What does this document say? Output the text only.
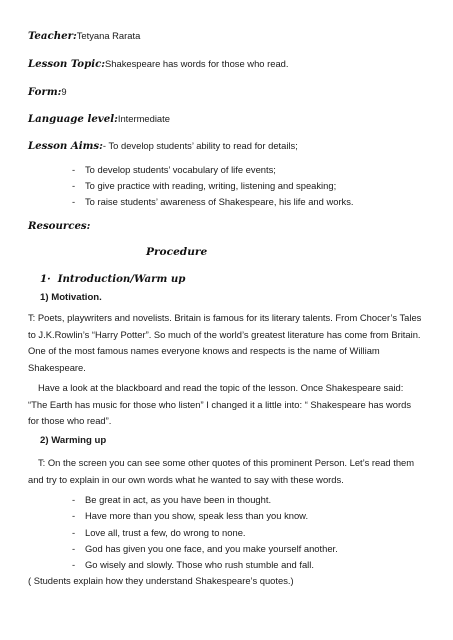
Teacher:Tetyana Rarata
Lesson Topic:Shakespeare has words for those who read.
Form:9
Language level:Intermediate
Lesson Aims:- To develop students’ ability to read for details;
- To develop students’ vocabulary of life events;
- To give practice with reading, writing, listening and speaking;
- To raise students’ awareness of Shakespeare, his life and works.
Resources:
Procedure
1· Introduction/Warm up
1) Motivation.

T: Poets, playwriters and novelists. Britain is famous for its literary talents. From Chocer’s Tales to J.K.Rowlin’s “Harry Potter”. So much of the world’s greatest literature has come from Britain. One of the most famous names everyone knows and respects is the name of William Shakespeare.

Have a look at the blackboard and read the topic of the lesson. Once Shakespeare said: “The Earth has music for those who listen” I changed it a little into: “ Shakespeare has words for those who read”.

2) Warming up

T: On the screen you can see some other quotes of this prominent Person. Let’s read them and try to explain in our own words what he wanted to say with these words.

- Be great in act, as you have been in thought.
- Have more than you show, speak less than you know.
- Love all, trust a few, do wrong to none.
- God has given you one face, and you make yourself another.
- Go wisely and slowly. Those who rush stumble and fall.
( Students explain how they understand Shakespeare’s quotes.)
